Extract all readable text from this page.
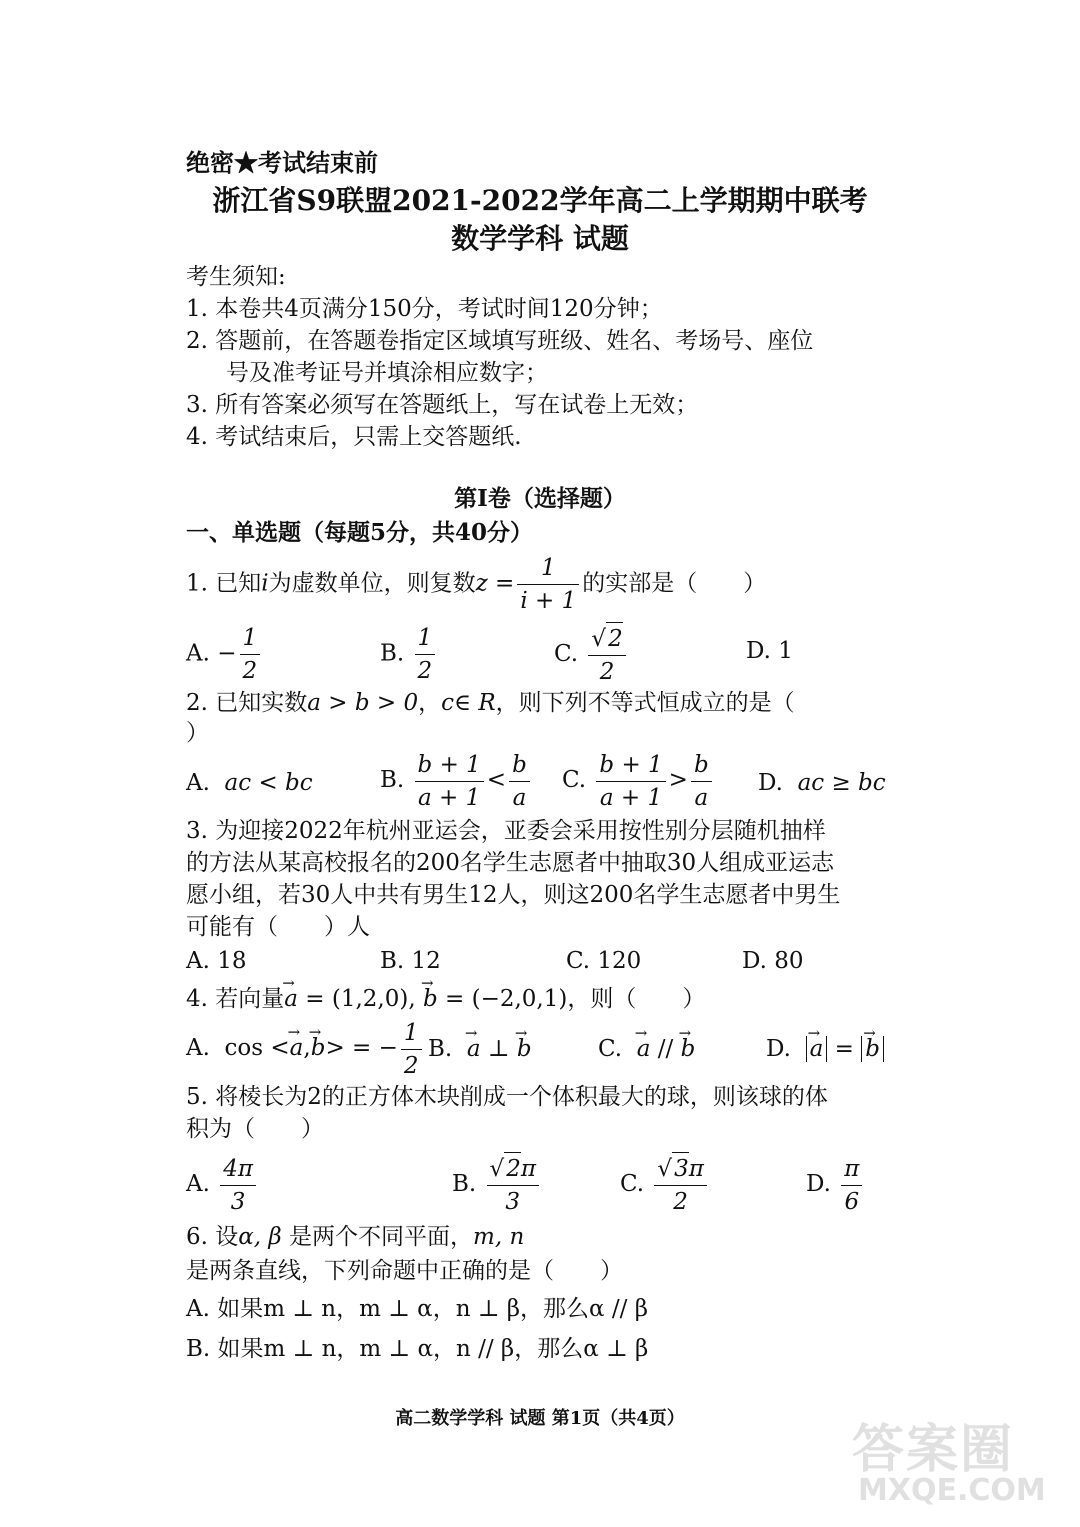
绝密★考试结束前
浙江省S9联盟2021-2022学年高二上学期期中联考
数学学科 试题
考生须知:
1. 本卷共4页满分150分，考试时间120分钟；
2. 答题前，在答题卷指定区域填写班级、姓名、考场号、座位
号及准考证号并填涂相应数字；
3. 所有答案必须写在答题纸上，写在试卷上无效；
4. 考试结束后，只需上交答题纸.
第Ⅰ卷（选择题）
一、单选题（每题5分，共40分）
1. 已知i为虚数单位，则复数$z = \frac{1}{i + 1}$ 的实部是（　　）
A. − $\frac{1}{2}$	B. $\frac{1}{2}$	C. $\frac{√2}{2}$	D. 1
2. 已知实数a > b > 0，c∈ R，则下列不等式恒成立的是（
）
A. ac < bc	B. $\frac{b + 1}{a + 1} < \frac{b}{a} C$. $\frac{b + 1}{a + 1} > \frac{b}{a} D$. ac ≥ bc
3. 为迎接2022年杭州亚运会，亚委会采用按性别分层随机抽样
的方法从某高校报名的200名学生志愿者中抽取30人组成亚运志
愿小组，若30人中共有男生12人，则这200名学生志愿者中男生
可能有（　　）人
A. 18	B. 12	C. 120	D. 80
4. 若向量→ a = (1,2,0), → b = (−2,0,1)，则（　　）
A. cos <→ a,→ b> = − $\frac{1}{2} B$. → a ⊥ → b	C. → a // → b	D. → a = → b
5. 将棱长为2的正方体木块削成一个体积最大的球，则该球的体
积为（　　）
A. $\frac{4\pi}{3}$	B. $\frac{√2\pi}{3}$	C. $\frac{√3\pi}{2}$	D. $\frac{\pi}{6}$
6. 设α, β 是两个不同平面，m, n
是两条直线，下列命题中正确的是（　　）
A. 如果m ⊥ n，m ⊥ α，n ⊥ β，那么α // β
B. 如果m ⊥ n，m ⊥ α，n // β，那么α ⊥ β
高二数学学科 试题 第1页（共4页）
答案圈
MXQE.COM
